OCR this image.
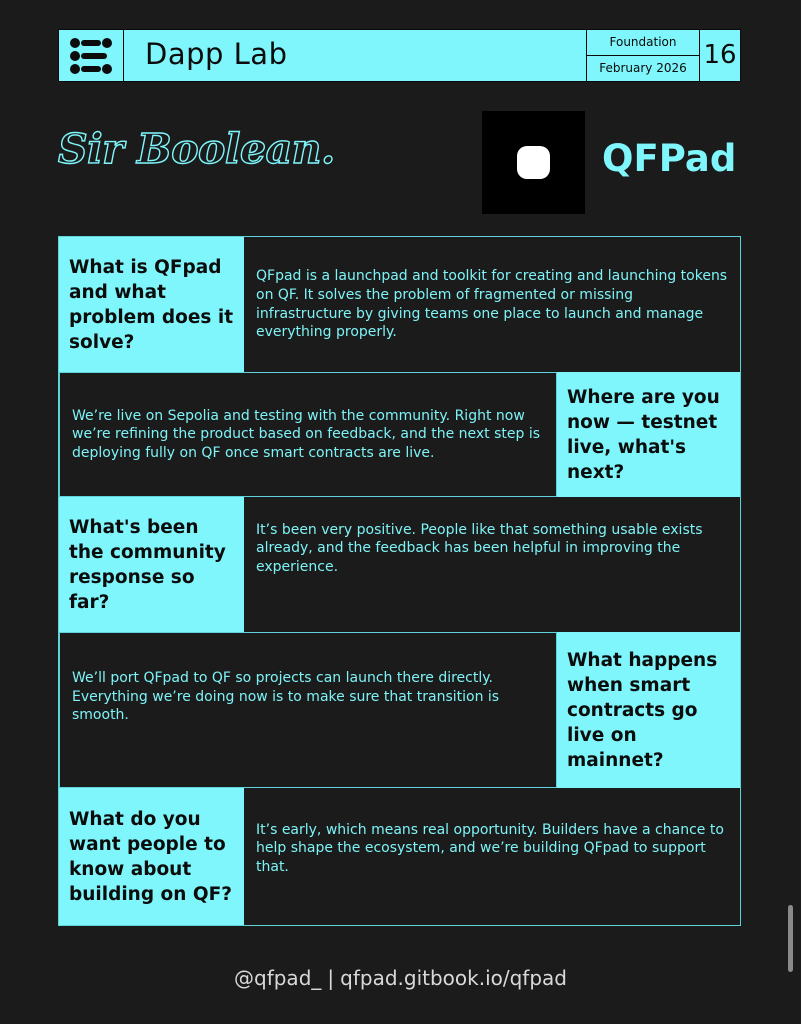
Dapp Lab	Foundation
February 2026 16
Sir Boolean.	QFPad
What is QFpad and what problem does it solve?
QFpad is a launchpad and toolkit for creating and launching tokens on QF. It solves the problem of fragmented or missing infrastructure by giving teams one place to launch and manage everything properly.
We’re live on Sepolia and testing with the community. Right now we’re refining the product based on feedback, and the next step is deploying fully on QF once smart contracts are live.
Where are you now — testnet live, what's next?
What's been the community response so far?
It’s been very positive. People like that something usable exists already, and the feedback has been helpful in improving the experience.
We’ll port QFpad to QF so projects can launch there directly. Everything we’re doing now is to make sure that transition is smooth.
What happens when smart contracts go live on mainnet?
What do you want people to know about building on QF?
It’s early, which means real opportunity. Builders have a chance to help shape the ecosystem, and we’re building QFpad to support that.
@qfpad_ | qfpad.gitbook.io/qfpad
